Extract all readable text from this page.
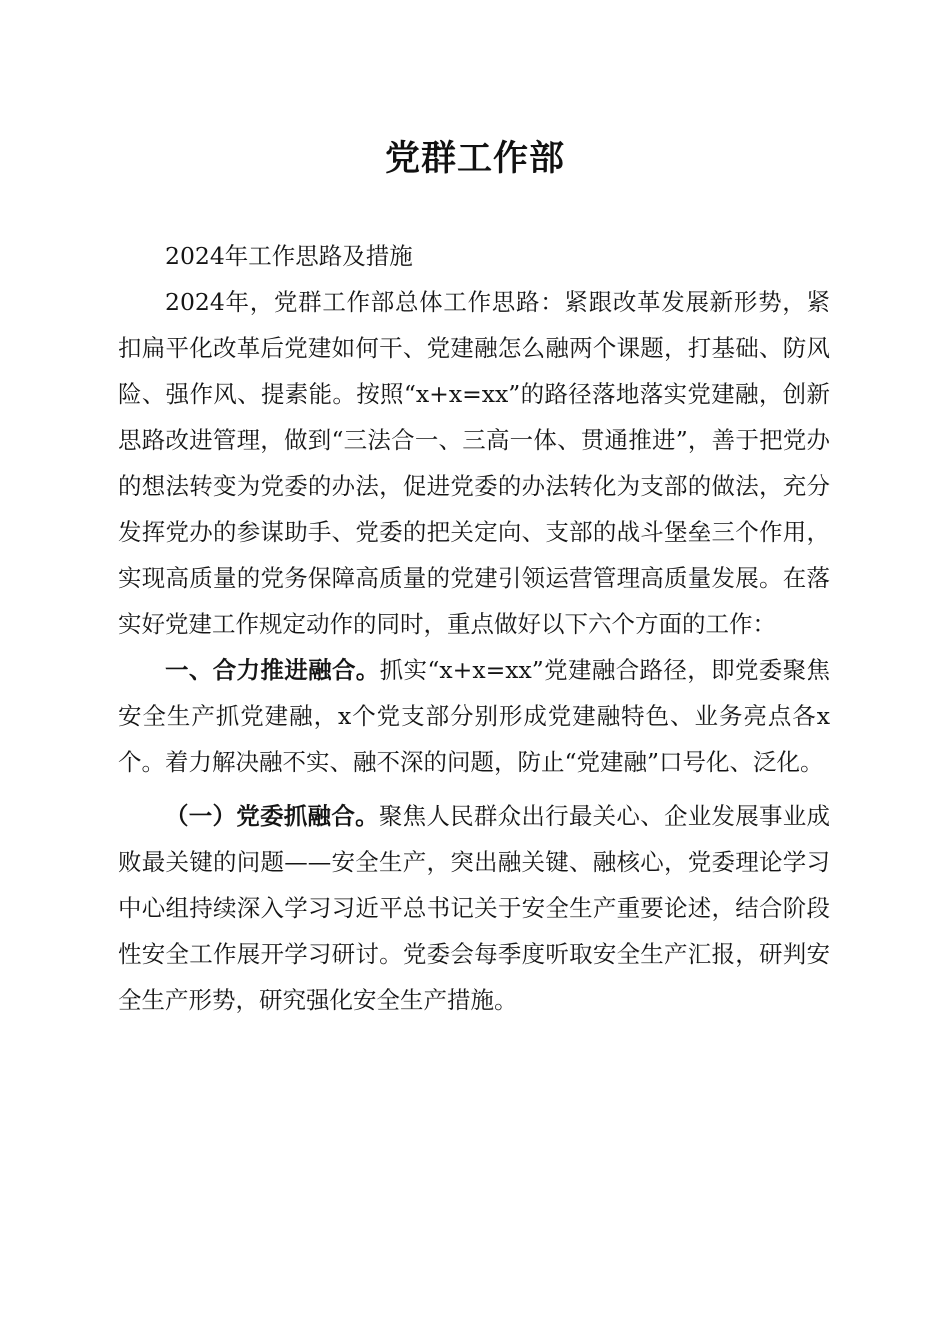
党群工作部

2024年工作思路及措施

2024年，党群工作部总体工作思路：紧跟改革发展新形势，紧扣扁平化改革后党建如何干、党建融怎么融两个课题，打基础、防风险、强作风、提素能。按照“x+x=xx”的路径落地落实党建融，创新思路改进管理，做到“三法合一、三高一体、贯通推进”，善于把党办的想法转变为党委的办法，促进党委的办法转化为支部的做法，充分发挥党办的参谋助手、党委的把关定向、支部的战斗堡垒三个作用，实现高质量的党务保障高质量的党建引领运营管理高质量发展。在落实好党建工作规定动作的同时，重点做好以下六个方面的工作：

一、合力推进融合。抓实“x+x=xx”党建融合路径，即党委聚焦安全生产抓党建融，x个党支部分别形成党建融特色、业务亮点各x个。着力解决融不实、融不深的问题，防止“党建融”口号化、泛化。

（一）党委抓融合。聚焦人民群众出行最关心、企业发展事业成败最关键的问题——安全生产，突出融关键、融核心，党委理论学习中心组持续深入学习习近平总书记关于安全生产重要论述，结合阶段性安全工作展开学习研讨。党委会每季度听取安全生产汇报，研判安全生产形势，研究强化安全生产措施。
